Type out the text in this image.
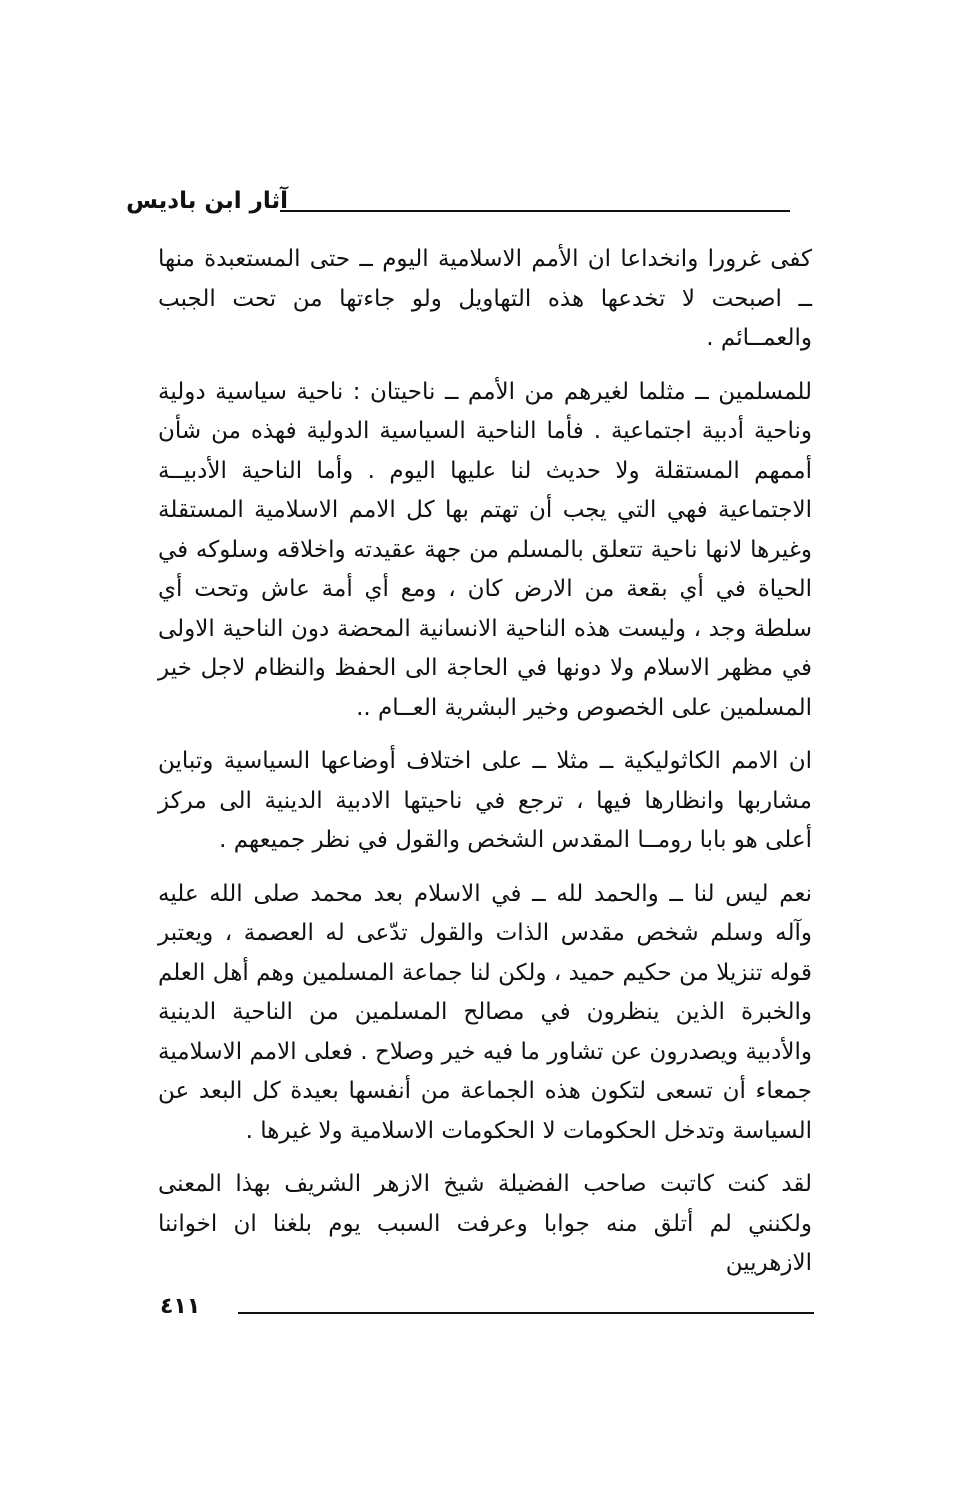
آثار ابن باديس

كفى غرورا وانخداعا ان الأمم الاسلامية اليوم ــ حتى المستعبدة منها ــ اصبحت لا تخدعها هذه التهاويل ولو جاءتها من تحت الجبب والعمــائم .

للمسلمين ــ مثلما لغيرهم من الأمم ــ ناحيتان : ناحية سياسية دولية وناحية أدبية اجتماعية . فأما الناحية السياسية الدولية فهذه من شأن أممهم المستقلة ولا حديث لنا عليها اليوم . وأما الناحية الأدبيــة الاجتماعية فهي التي يجب أن تهتم بها كل الامم الاسلامية المستقلة وغيرها لانها ناحية تتعلق بالمسلم من جهة عقيدته واخلاقه وسلوكه في الحياة في أي بقعة من الارض كان ، ومع أي أمة عاش وتحت أي سلطة وجد ، وليست هذه الناحية الانسانية المحضة دون الناحية الاولى في مظهر الاسلام ولا دونها في الحاجة الى الحفظ والنظام لاجل خير المسلمين على الخصوص وخير البشرية العــام ..

ان الامم الكاثوليكية ــ مثلا ــ على اختلاف أوضاعها السياسية وتباين مشاربها وانظارها فيها ، ترجع في ناحيتها الادبية الدينية الى مركز أعلى هو بابا رومــا المقدس الشخص والقول في نظر جميعهم .

نعم ليس لنا ــ والحمد لله ــ في الاسلام بعد محمد صلى الله عليه وآله وسلم شخص مقدس الذات والقول تدّعى له العصمة ، ويعتبر قوله تنزيلا من حكيم حميد ، ولكن لنا جماعة المسلمين وهم أهل العلم والخبرة الذين ينظرون في مصالح المسلمين من الناحية الدينية والأدبية ويصدرون عن تشاور ما فيه خير وصلاح . فعلى الامم الاسلامية جمعاء أن تسعى لتكون هذه الجماعة من أنفسها بعيدة كل البعد عن السياسة وتدخل الحكومات لا الحكومات الاسلامية ولا غيرها .

لقد كنت كاتبت صاحب الفضيلة شيخ الازهر الشريف بهذا المعنى ولكنني لم أتلق منه جوابا وعرفت السبب يوم بلغنا ان اخواننا الازهريين

٤١١
